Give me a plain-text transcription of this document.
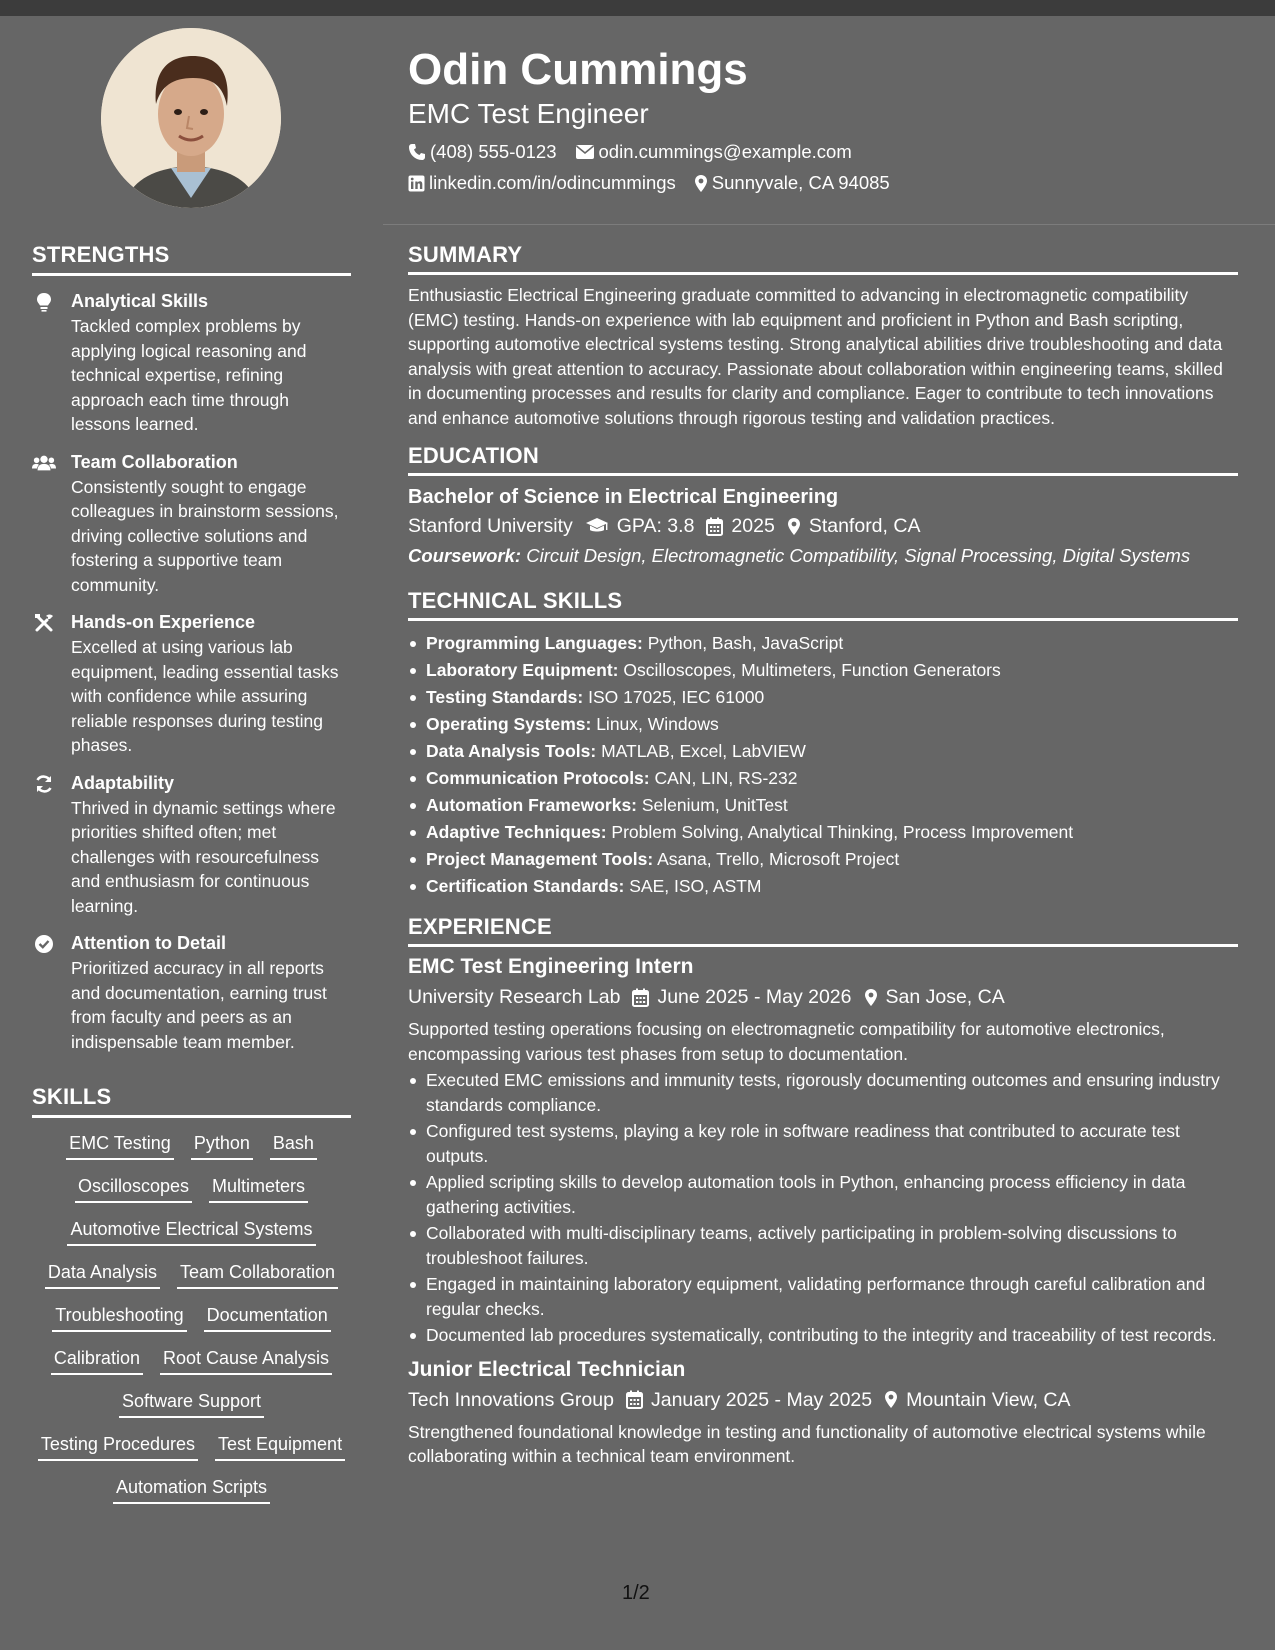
STRENGTHS
Analytical Skills
Tackled complex problems by applying logical reasoning and technical expertise, refining approach each time through lessons learned.
Team Collaboration
Consistently sought to engage colleagues in brainstorm sessions, driving collective solutions and fostering a supportive team community.
Hands-on Experience
Excelled at using various lab equipment, leading essential tasks with confidence while assuring reliable responses during testing phases.
Adaptability
Thrived in dynamic settings where priorities shifted often; met challenges with resourcefulness and enthusiasm for continuous learning.
Attention to Detail
Prioritized accuracy in all reports and documentation, earning trust from faculty and peers as an indispensable team member.
SKILLS
EMC Testing Python Bash
Oscilloscopes Multimeters
Automotive Electrical Systems
Data Analysis Team Collaboration
Troubleshooting Documentation
Calibration Root Cause Analysis
Software Support
Testing Procedures Test Equipment
Automation Scripts
Odin Cummings
EMC Test Engineer
(408) 555-0123 odin.cummings@example.com
linkedin.com/in/odincummings Sunnyvale, CA 94085
SUMMARY
Enthusiastic Electrical Engineering graduate committed to advancing in electromagnetic compatibility (EMC) testing. Hands-on experience with lab equipment and proficient in Python and Bash scripting, supporting automotive electrical systems testing. Strong analytical abilities drive troubleshooting and data analysis with great attention to accuracy. Passionate about collaboration within engineering teams, skilled in documenting processes and results for clarity and compliance. Eager to contribute to tech innovations and enhance automotive solutions through rigorous testing and validation practices.
EDUCATION
Bachelor of Science in Electrical Engineering
Stanford University GPA: 3.8 2025 Stanford, CA
Coursework: Circuit Design, Electromagnetic Compatibility, Signal Processing, Digital Systems
TECHNICAL SKILLS
Programming Languages: Python, Bash, JavaScript
Laboratory Equipment: Oscilloscopes, Multimeters, Function Generators
Testing Standards: ISO 17025, IEC 61000
Operating Systems: Linux, Windows
Data Analysis Tools: MATLAB, Excel, LabVIEW
Communication Protocols: CAN, LIN, RS-232
Automation Frameworks: Selenium, UnitTest
Adaptive Techniques: Problem Solving, Analytical Thinking, Process Improvement
Project Management Tools: Asana, Trello, Microsoft Project
Certification Standards: SAE, ISO, ASTM
EXPERIENCE
EMC Test Engineering Intern
University Research Lab June 2025 - May 2026 San Jose, CA
Supported testing operations focusing on electromagnetic compatibility for automotive electronics, encompassing various test phases from setup to documentation.
Executed EMC emissions and immunity tests, rigorously documenting outcomes and ensuring industry standards compliance.
Configured test systems, playing a key role in software readiness that contributed to accurate test outputs.
Applied scripting skills to develop automation tools in Python, enhancing process efficiency in data gathering activities.
Collaborated with multi-disciplinary teams, actively participating in problem-solving discussions to troubleshoot failures.
Engaged in maintaining laboratory equipment, validating performance through careful calibration and regular checks.
Documented lab procedures systematically, contributing to the integrity and traceability of test records.
Junior Electrical Technician
Tech Innovations Group January 2025 - May 2025 Mountain View, CA
Strengthened foundational knowledge in testing and functionality of automotive electrical systems while collaborating within a technical team environment.
1/2
